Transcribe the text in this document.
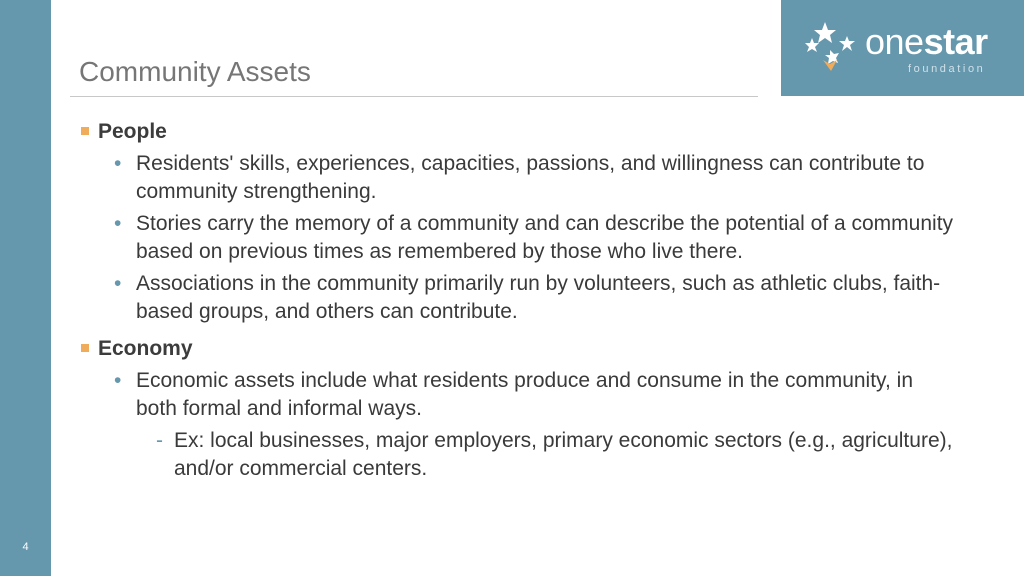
4
onestar
foundation
Community Assets
People
• Residents' skills, experiences, capacities, passions, and willingness can contribute to community strengthening.
• Stories carry the memory of a community and can describe the potential of a community based on previous times as remembered by those who live there.
• Associations in the community primarily run by volunteers, such as athletic clubs, faith-based groups, and others can contribute.
Economy
• Economic assets include what residents produce and consume in the community, in both formal and informal ways.
- Ex: local businesses, major employers, primary economic sectors (e.g., agriculture), and/or commercial centers.
